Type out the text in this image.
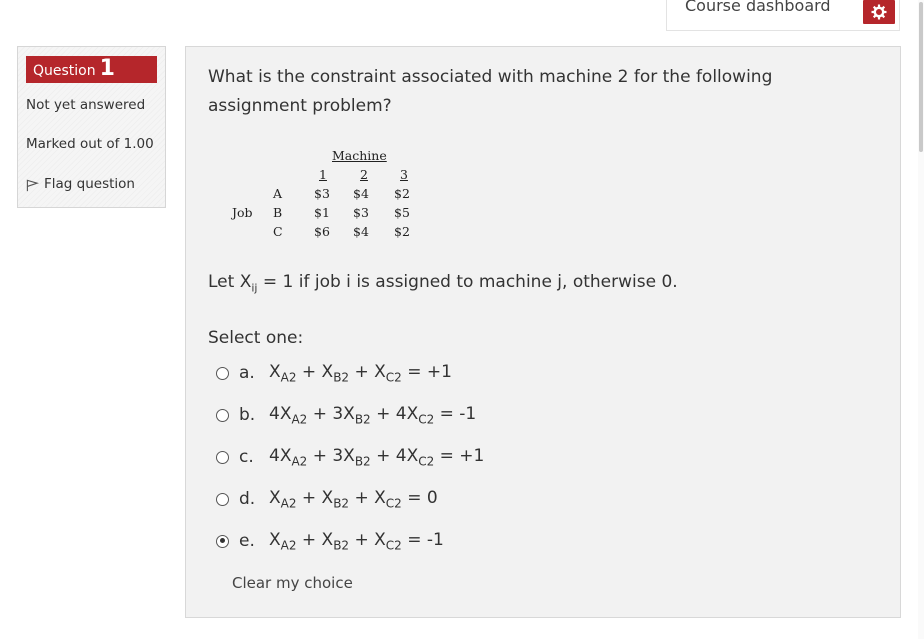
Course dashboard
Question 1
Not yet answered
Marked out of 1.00
Flag question
What is the constraint associated with machine 2 for the following assignment problem?
Machine
1	2	3
Job
A	$3 $4 $2
B	$1 $3 $5
C	$6 $4 $2
Let $X_{ij} = 1$ if job i is assigned to machine j, otherwise 0.
Select one:
a. $X_{A2} + X_{B2} + X_{C2} = +1$
b. $4X_{A2} + 3X_{B2} + 4X_{C2} = -1$
c. $4X_{A2} + 3X_{B2} + 4X_{C2} = +1$
d. $X_{A2} + X_{B2} + X_{C2} = 0$
e. $X_{A2} + X_{B2} + X_{C2} = -1$
Clear my choice
